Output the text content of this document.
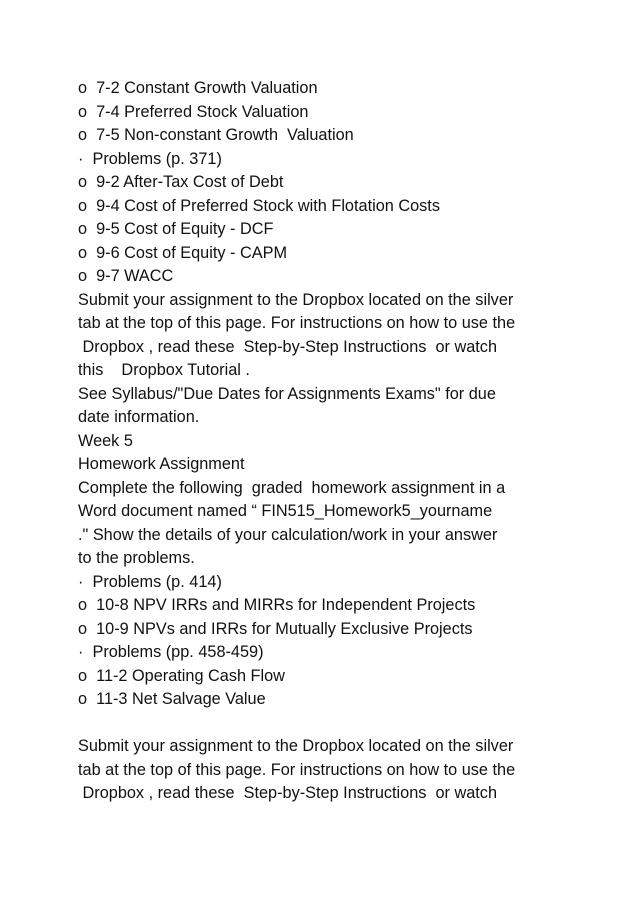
o  7-2 Constant Growth Valuation
o  7-4 Preferred Stock Valuation
o  7-5 Non-constant Growth  Valuation
·  Problems (p. 371)
o  9-2 After-Tax Cost of Debt
o  9-4 Cost of Preferred Stock with Flotation Costs
o  9-5 Cost of Equity - DCF
o  9-6 Cost of Equity - CAPM
o  9-7 WACC
Submit your assignment to the Dropbox located on the silver
tab at the top of this page. For instructions on how to use the
Dropbox , read these  Step-by-Step Instructions  or watch
this    Dropbox Tutorial .
See Syllabus/"Due Dates for Assignments Exams" for due
date information.
Week 5
Homework Assignment
Complete the following  graded  homework assignment in a
Word document named “ FIN515_Homework5_yourname
." Show the details of your calculation/work in your answer
to the problems.
·  Problems (p. 414)
o  10-8 NPV IRRs and MIRRs for Independent Projects
o  10-9 NPVs and IRRs for Mutually Exclusive Projects
·  Problems (pp. 458-459)
o  11-2 Operating Cash Flow
o  11-3 Net Salvage Value
Submit your assignment to the Dropbox located on the silver
tab at the top of this page. For instructions on how to use the
Dropbox , read these  Step-by-Step Instructions  or watch
